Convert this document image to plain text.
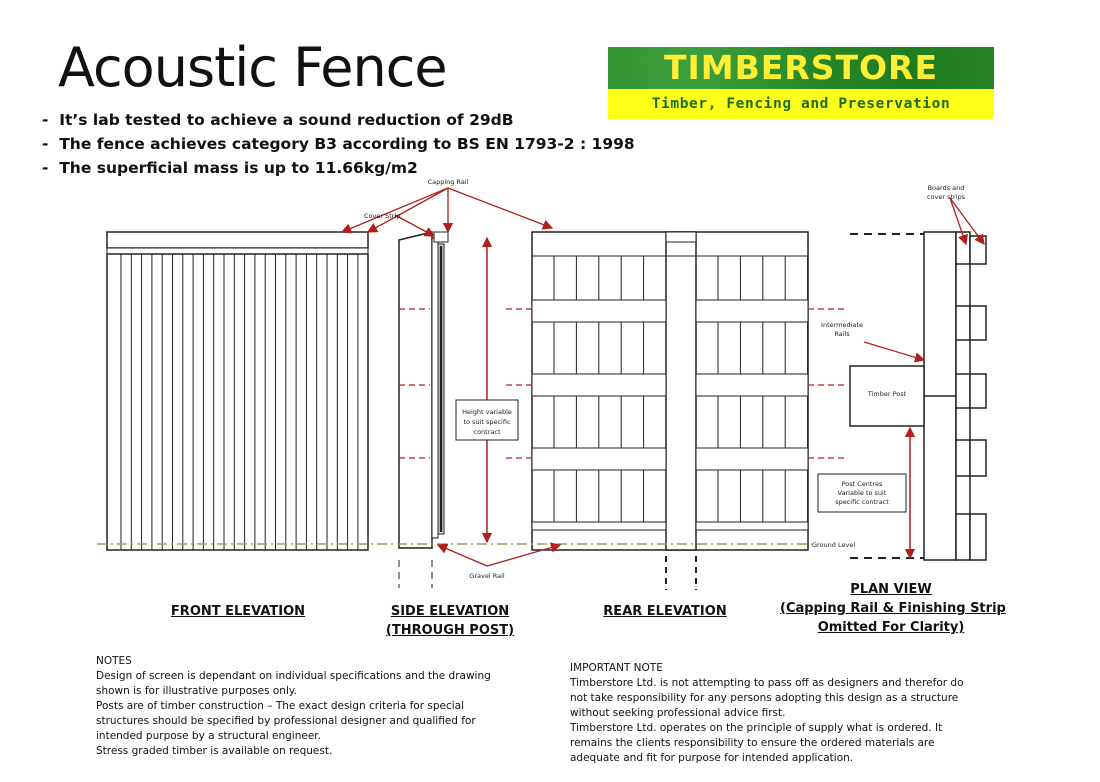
Acoustic Fence
- It’s lab tested to achieve a sound reduction of 29dB
- The fence achieves category B3 according to BS EN 1793-2 : 1998
- The superficial mass is up to 11.66kg/m2
TIMBERSTORE
Timber, Fencing and Preservation
Capping Rail
Cover Strip
Height variable
to suit specific
contract
Gravel Rail
Ground Level
Boards and
cover strips
Intermediate
Rails
Timber Post
Post Centres
Variable to suit
specific contract
FRONT ELEVATION	SIDE ELEVATION
(THROUGH POST)
REAR ELEVATION
PLAN VIEW
(Capping Rail & Finishing Strip
Omitted For Clarity)
NOTES
Design of screen is dependant on individual specifications and the drawing
shown is for illustrative purposes only.
Posts are of timber construction – The exact design criteria for special
structures should be specified by professional designer and qualified for
intended purpose by a structural engineer.
Stress graded timber is available on request.
IMPORTANT NOTE
Timberstore Ltd. is not attempting to pass off as designers and therefor do
not take responsibility for any persons adopting this design as a structure
without seeking professional advice first.
Timberstore Ltd. operates on the principle of supply what is ordered. It
remains the clients responsibility to ensure the ordered materials are
adequate and fit for purpose for intended application.
